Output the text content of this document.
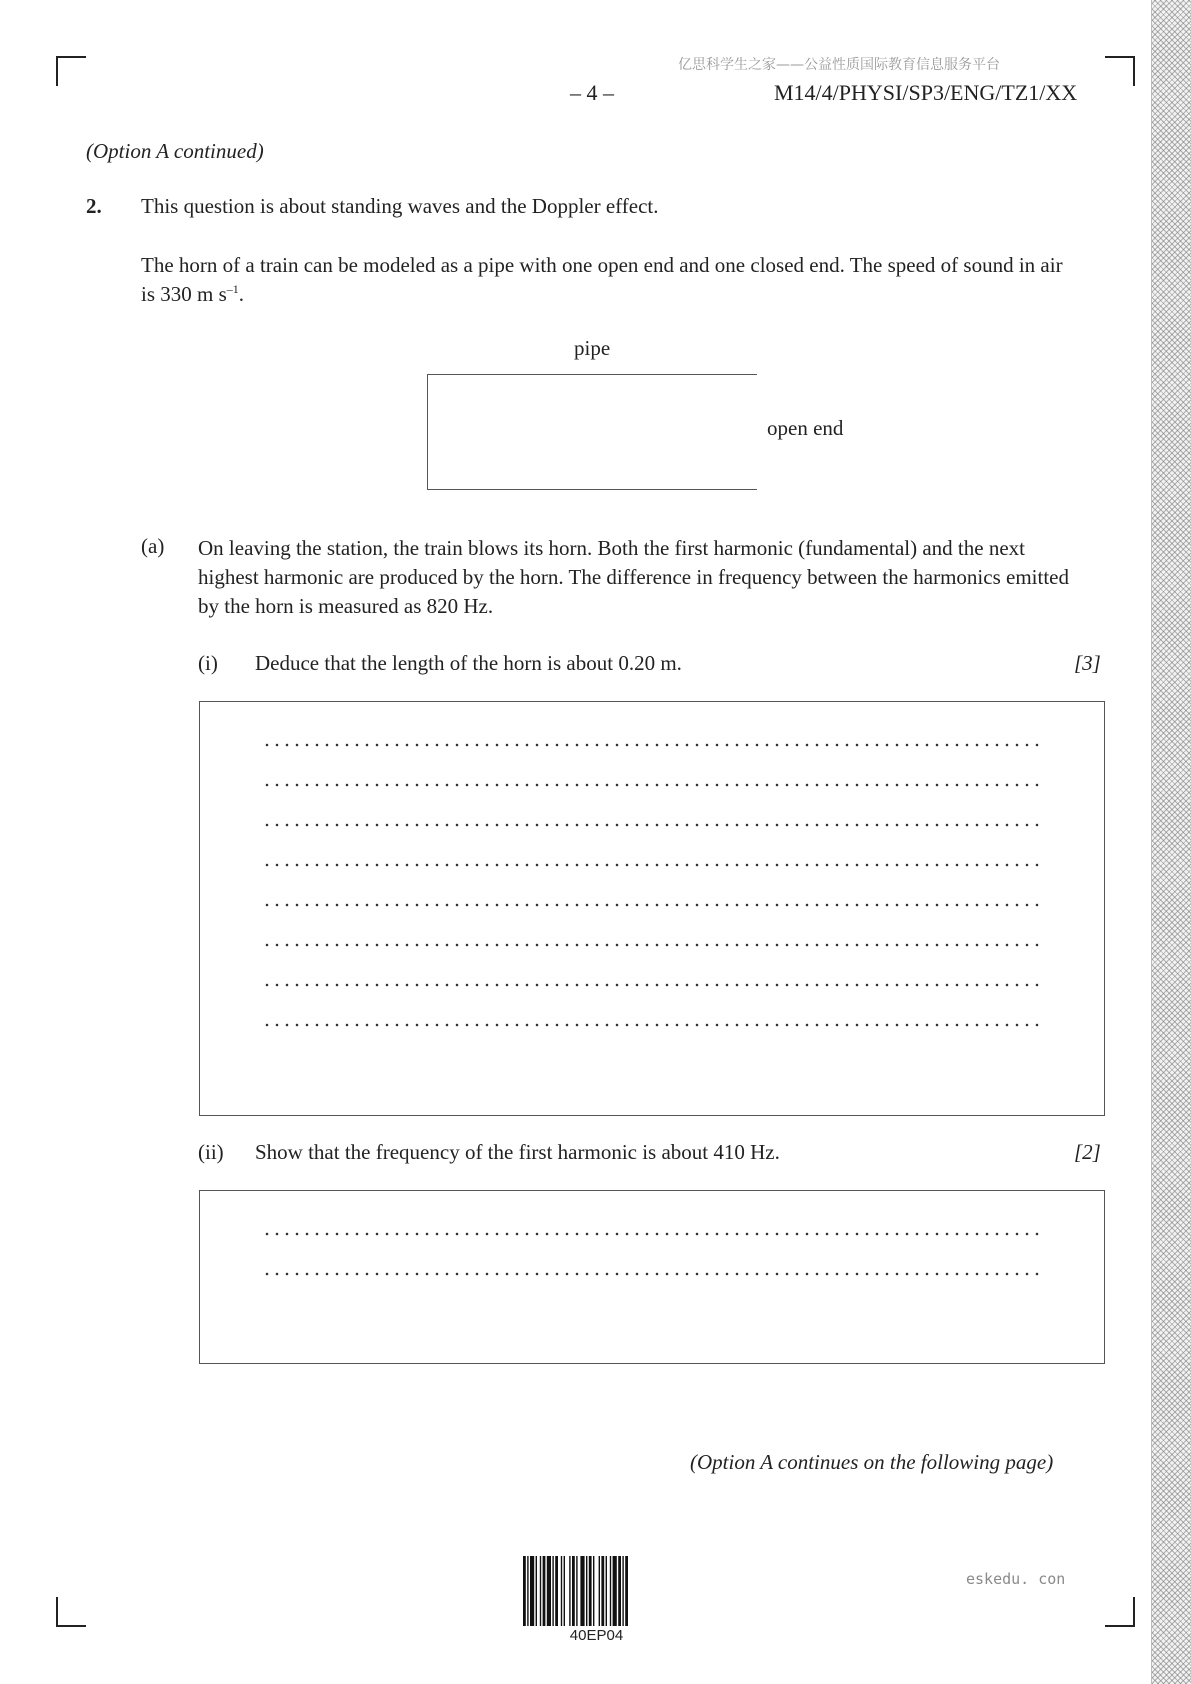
亿思科学生之家——公益性质国际教育信息服务平台
– 4 –	M14/4/PHYSI/SP3/ENG/TZ1/XX
(Option A continued)
2. This question is about standing waves and the Doppler effect.
The horn of a train can be modeled as a pipe with one open end and one closed end. The speed of sound in air is 330 m $s^{-1}$.
pipe
open end
(a) On leaving the station, the train blows its horn. Both the first harmonic (fundamental) and the next highest harmonic are produced by the horn. The difference in frequency between the harmonics emitted by the horn is measured as 820 Hz.
(i) Deduce that the length of the horn is about 0.20 m.	[3]
(ii) Show that the frequency of the first harmonic is about 410 Hz.	[2]
(Option A continues on the following page)
40EP04
eskedu. con
